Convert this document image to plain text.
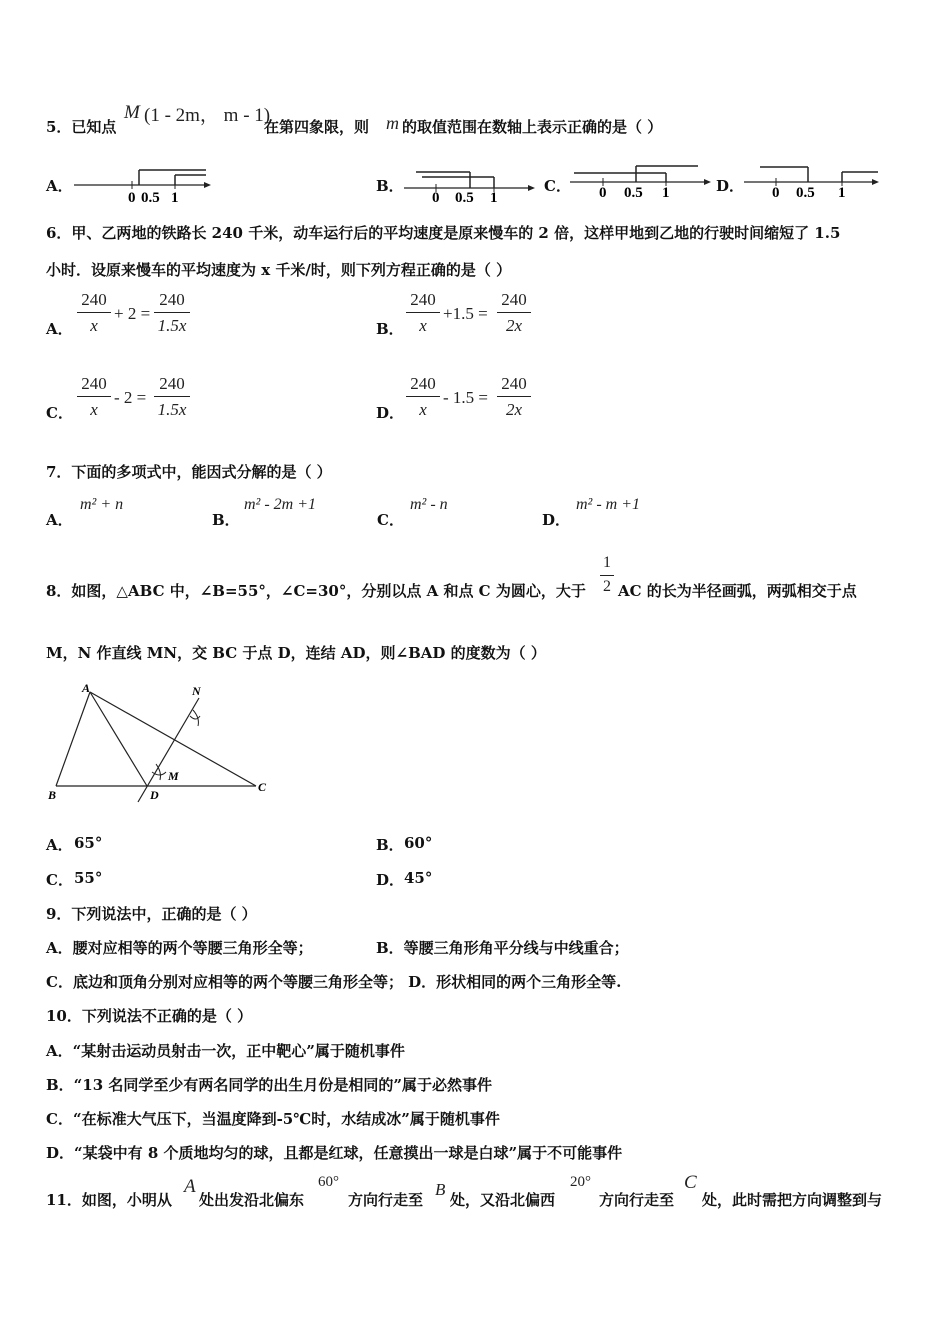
5．已知点
M (1 - 2m， m - 1)
在第四象限，则 m 的取值范围在数轴上表示正确的是（ ）
A．
0 0.5 1
B．
0 0.5 1
C． 0 0.5 1	D． 0 0.5 1
6．甲、乙两地的铁路长 240 千米，动车运行后的平均速度是原来慢车的 2 倍，这样甲地到乙地的行驶时间缩短了 1.5
小时．设原来慢车的平均速度为 x 千米/时，则下列方程正确的是（ ）
A．
240
x
+ 2 =
240
1.5x	B．
240
x
+1.5 =
240
2x
C．
240
x
- 2 =
240
1.5x	D．
240
x
- 1.5 =
240
2x
7．下面的多项式中，能因式分解的是（ ）
A．
m² + n
B．
m² - 2m +1
C．
m² - n
D．
m² - m +1
8．如图，△ABC 中，∠B=55°，∠C=30°，分别以点 A 和点 C 为圆心，大于
1
2 AC 的长为半径画弧，两弧相交于点
M，N 作直线 MN，交 BC 于点 D，连结 AD，则∠BAD 的度数为（ ）
A
B
C
D
M
N
A． 65°	B． 60°
C． 55°	D． 45°
9．下列说法中，正确的是（ ）
A．腰对应相等的两个等腰三角形全等；	B．等腰三角形角平分线与中线重合；
C．底边和顶角分别对应相等的两个等腰三角形全等； D．形状相同的两个三角形全等.
10．下列说法不正确的是（ ）
A．“某射击运动员射击一次，正中靶心”属于随机事件
B．“13 名同学至少有两名同学的出生月份是相同的”属于必然事件
C．“在标准大气压下，当温度降到-5℃时，水结成冰”属于随机事件
D．“某袋中有 8 个质地均匀的球，且都是红球，任意摸出一球是白球”属于不可能事件
11．如图，小明从
A
处出发沿北偏东
60°
方向行走至
B
处，又沿北偏西
20°
方向行走至
C
处，此时需把方向调整到与
